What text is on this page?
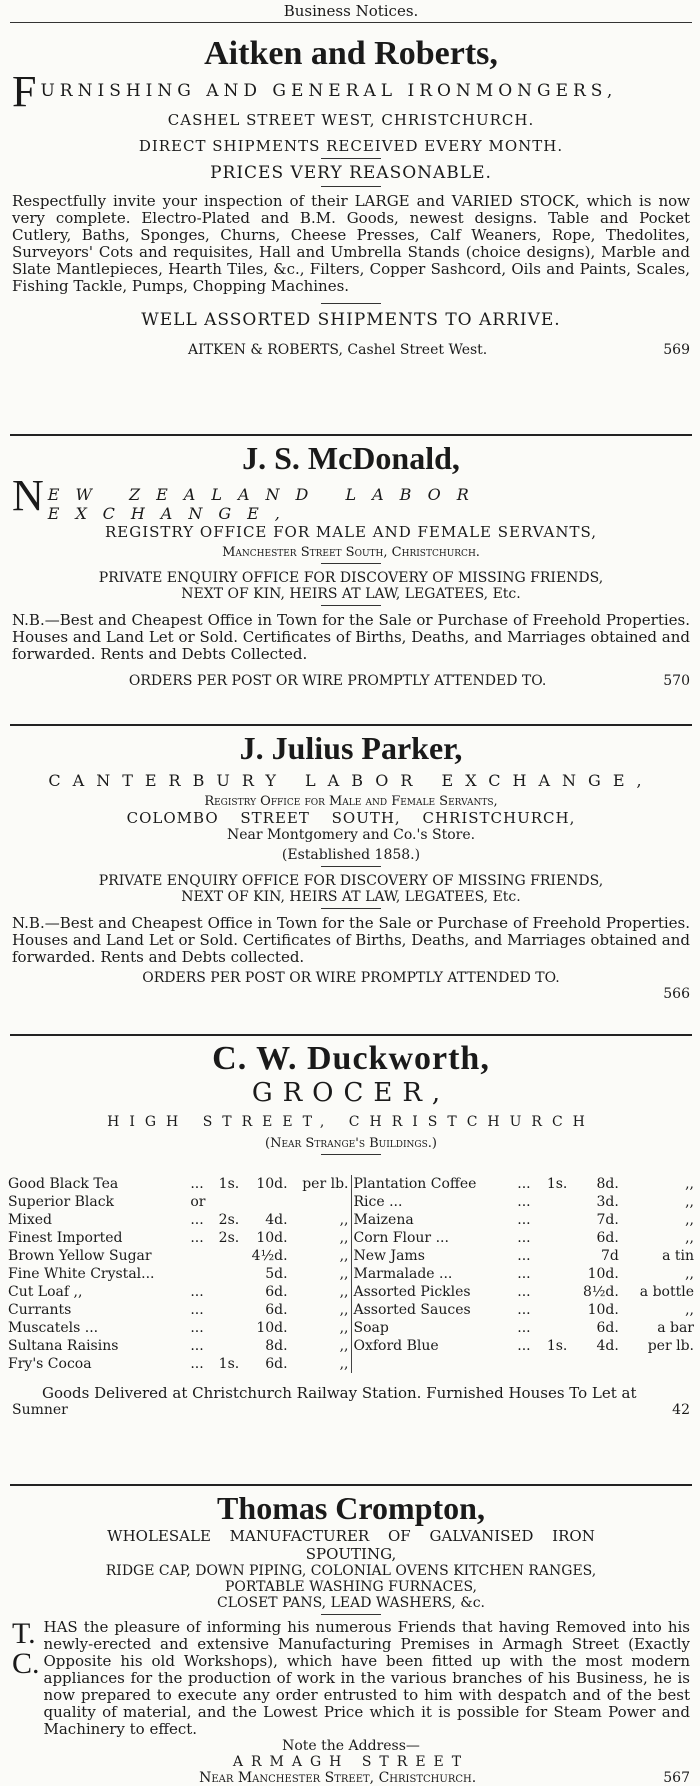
Business Notices.
Aitken and Roberts,
F URNISHING AND GENERAL IRONMONGERS,
CASHEL STREET WEST, CHRISTCHURCH.
DIRECT SHIPMENTS RECEIVED EVERY MONTH.
PRICES VERY REASONABLE.
Respectfully invite your inspection of their LARGE and VARIED STOCK, which is now very complete. Electro-Plated and B.M. Goods, newest designs. Table and Pocket Cutlery, Baths, Sponges, Churns, Cheese Presses, Calf Weaners, Rope, Thedolites, Surveyors' Cots and requisites, Hall and Umbrella Stands (choice designs), Marble and Slate Mantlepieces, Hearth Tiles, &c., Filters, Copper Sashcord, Oils and Paints, Scales, Fishing Tackle, Pumps, Chopping Machines.
WELL ASSORTED SHIPMENTS TO ARRIVE.
AITKEN & ROBERTS, Cashel Street West.	569
J. S. McDonald,
N EW ZEALAND LABOR EXCHANGE,
REGISTRY OFFICE FOR MALE AND FEMALE SERVANTS,
Manchester Street South, Christchurch.
PRIVATE ENQUIRY OFFICE FOR DISCOVERY OF MISSING FRIENDS,
NEXT OF KIN, HEIRS AT LAW, LEGATEES, Etc.
N.B.—Best and Cheapest Office in Town for the Sale or Purchase of Freehold Properties. Houses and Land Let or Sold. Certificates of Births, Deaths, and Marriages obtained and forwarded. Rents and Debts Collected.
ORDERS PER POST OR WIRE PROMPTLY ATTENDED TO.	570
J. Julius Parker,
CANTERBURY LABOR EXCHANGE,
Registry Office for Male and Female Servants,
COLOMBO STREET SOUTH, CHRISTCHURCH,
Near Montgomery and Co.'s Store.
(Established 1858.)
PRIVATE ENQUIRY OFFICE FOR DISCOVERY OF MISSING FRIENDS,
NEXT OF KIN, HEIRS AT LAW, LEGATEES, Etc.
N.B.—Best and Cheapest Office in Town for the Sale or Purchase of Freehold Properties. Houses and Land Let or Sold. Certificates of Births, Deaths, and Marriages obtained and forwarded. Rents and Debts collected.
ORDERS PER POST OR WIRE PROMPTLY ATTENDED TO.
566
C. W. Duckworth,
GROCER,
HIGH STREET, CHRISTCHURCH
(Near Strange's Buildings.)
Good Black Tea	...	1s.	10d.	per lb.
Superior Black	or			
Mixed	...	2s.	4d.	,,
Finest Imported	...	2s.	10d.	,,
Brown Yellow Sugar			4½d.	,,
Fine White Crystal...			5d.	,,
Cut Loaf ,,	...		6d.	,,
Currants	...		6d.	,,
Muscatels ...	...		10d.	,,
Sultana Raisins	...		8d.	,,
Fry's Cocoa	...	1s.	6d.	,,
Plantation Coffee	...	1s.	8d.	,,
Rice ...	...		3d.	,,
Maizena	...		7d.	,,
Corn Flour ...	...		6d.	,,
New Jams	...		7d	a tin
Marmalade ...	...		10d.	,,
Assorted Pickles	...		8½d.	a bottle
Assorted Sauces	...		10d.	,,
Soap	...		6d.	a bar
Oxford Blue	...	1s.	4d.	per lb.
Goods Delivered at Christchurch Railway Station. Furnished Houses To Let at
Sumner	42
Thomas Crompton,
WHOLESALE MANUFACTURER OF GALVANISED IRON
SPOUTING,
RIDGE CAP, DOWN PIPING, COLONIAL OVENS KITCHEN RANGES,
PORTABLE WASHING FURNACES,
CLOSET PANS, LEAD WASHERS, &c.
T. C.
HAS the pleasure of informing his numerous Friends that having Removed into his newly-erected and extensive Manufacturing Premises in Armagh Street (Exactly Opposite his old Workshops), which have been fitted up with the most modern appliances for the production of work in the various branches of his Business, he is now prepared to execute any order entrusted to him with despatch and of the best quality of material, and the Lowest Price which it is possible for Steam Power and Machinery to effect.
Note the Address—
ARMAGH STREET
Near Manchester Street, Christchurch.	567
